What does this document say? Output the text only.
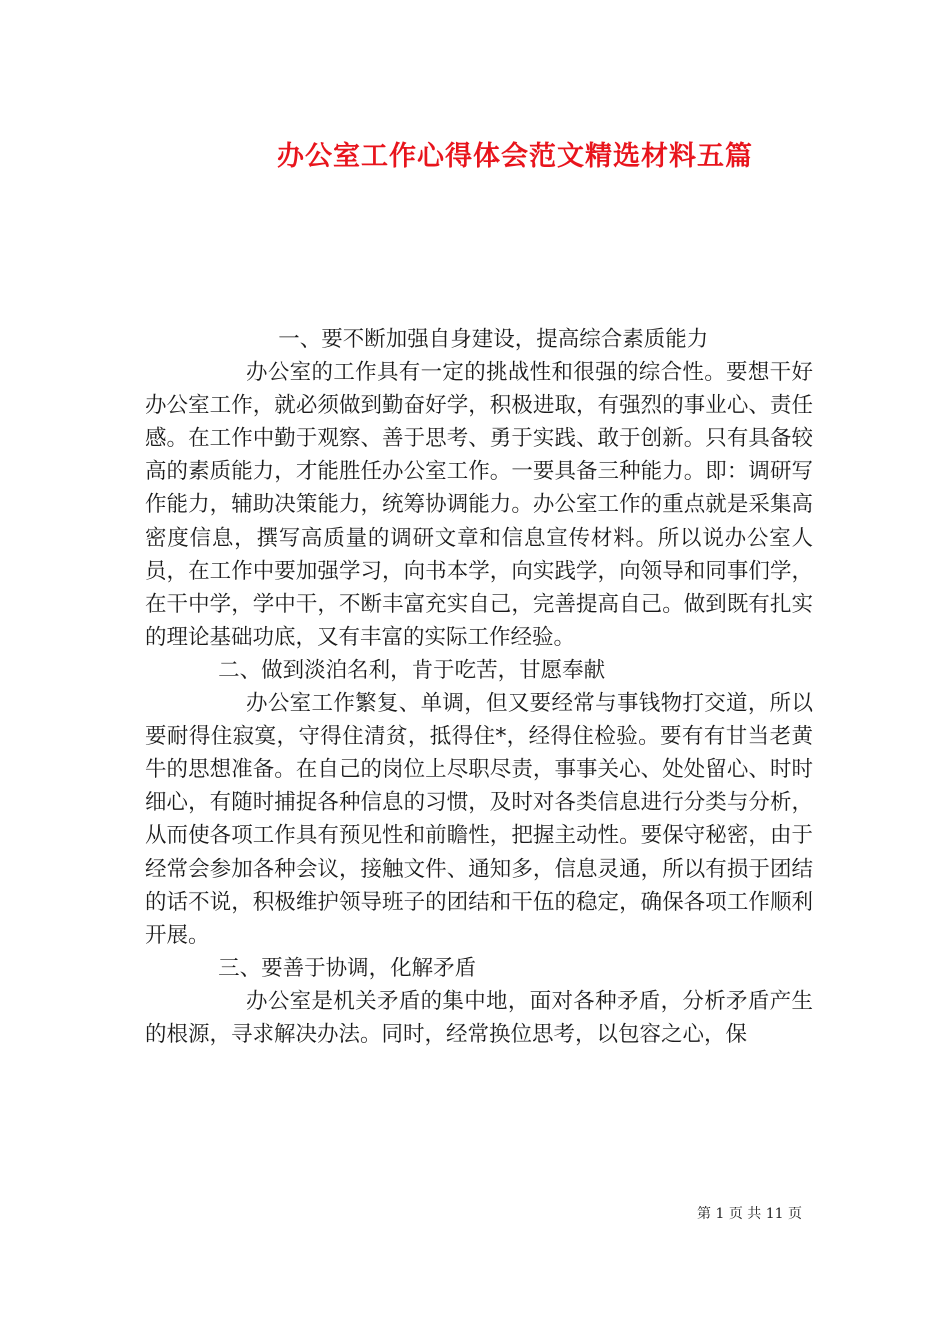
办公室工作心得体会范文精选材料五篇

一、要不断加强自身建设，提高综合素质能力

办公室的工作具有一定的挑战性和很强的综合性。要想干好办公室工作，就必须做到勤奋好学，积极进取，有强烈的事业心、责任感。在工作中勤于观察、善于思考、勇于实践、敢于创新。只有具备较高的素质能力，才能胜任办公室工作。一要具备三种能力。即：调研写作能力，辅助决策能力，统筹协调能力。办公室工作的重点就是采集高密度信息，撰写高质量的调研文章和信息宣传材料。所以说办公室人员，在工作中要加强学习，向书本学，向实践学，向领导和同事们学，在干中学，学中干，不断丰富充实自己，完善提高自己。做到既有扎实的理论基础功底，又有丰富的实际工作经验。

二、做到淡泊名利，肯于吃苦，甘愿奉献

办公室工作繁复、单调，但又要经常与事钱物打交道，所以要耐得住寂寞，守得住清贫，抵得住*，经得住检验。要有有甘当老黄牛的思想准备。在自己的岗位上尽职尽责，事事关心、处处留心、时时细心，有随时捕捉各种信息的习惯，及时对各类信息进行分类与分析，从而使各项工作具有预见性和前瞻性，把握主动性。要保守秘密，由于经常会参加各种会议，接触文件、通知多，信息灵通，所以有损于团结的话不说，积极维护领导班子的团结和干伍的稳定，确保各项工作顺利开展。

三、要善于协调，化解矛盾

办公室是机关矛盾的集中地，面对各种矛盾，分析矛盾产生的根源，寻求解决办法。同时，经常换位思考，以包容之心，保

第 1 页 共 11 页
